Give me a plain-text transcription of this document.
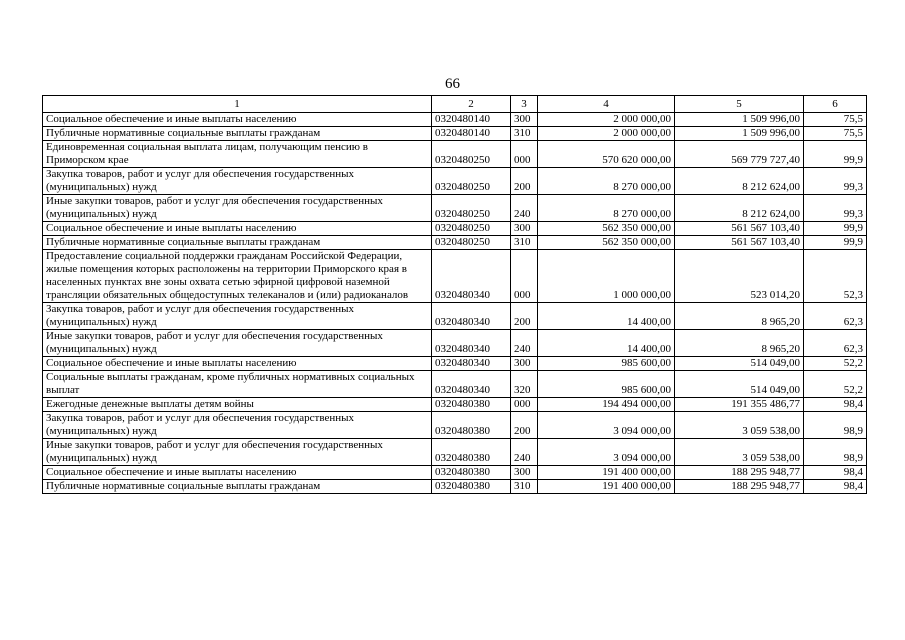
66
1	2	3	4	5	6
Социальное обеспечение и иные выплаты населению	0320480140	300	2 000 000,00	1 509 996,00	75,5
Публичные нормативные социальные выплаты гражданам	0320480140	310	2 000 000,00	1 509 996,00	75,5
Единовременная социальная выплата лицам, получающим пенсию в Приморском крае	0320480250	000	570 620 000,00	569 779 727,40	99,9
Закупка товаров, работ и услуг для обеспечения государственных (муниципальных) нужд	0320480250	200	8 270 000,00	8 212 624,00	99,3
Иные закупки товаров, работ и услуг для обеспечения государственных (муниципальных) нужд	0320480250	240	8 270 000,00	8 212 624,00	99,3
Социальное обеспечение и иные выплаты населению	0320480250	300	562 350 000,00	561 567 103,40	99,9
Публичные нормативные социальные выплаты гражданам	0320480250	310	562 350 000,00	561 567 103,40	99,9
Предоставление социальной поддержки гражданам Российской Федерации, жилые помещения которых расположены на территории Приморского края в населенных пунктах вне зоны охвата сетью эфирной цифровой наземной трансляции обязательных общедоступных телеканалов и (или) радиоканалов	0320480340	000	1 000 000,00	523 014,20	52,3
Закупка товаров, работ и услуг для обеспечения государственных (муниципальных) нужд	0320480340	200	14 400,00	8 965,20	62,3
Иные закупки товаров, работ и услуг для обеспечения государственных (муниципальных) нужд	0320480340	240	14 400,00	8 965,20	62,3
Социальное обеспечение и иные выплаты населению	0320480340	300	985 600,00	514 049,00	52,2
Социальные выплаты гражданам, кроме публичных нормативных социальных выплат	0320480340	320	985 600,00	514 049,00	52,2
Ежегодные денежные выплаты детям войны	0320480380	000	194 494 000,00	191 355 486,77	98,4
Закупка товаров, работ и услуг для обеспечения государственных (муниципальных) нужд	0320480380	200	3 094 000,00	3 059 538,00	98,9
Иные закупки товаров, работ и услуг для обеспечения государственных (муниципальных) нужд	0320480380	240	3 094 000,00	3 059 538,00	98,9
Социальное обеспечение и иные выплаты населению	0320480380	300	191 400 000,00	188 295 948,77	98,4
Публичные нормативные социальные выплаты гражданам	0320480380	310	191 400 000,00	188 295 948,77	98,4
